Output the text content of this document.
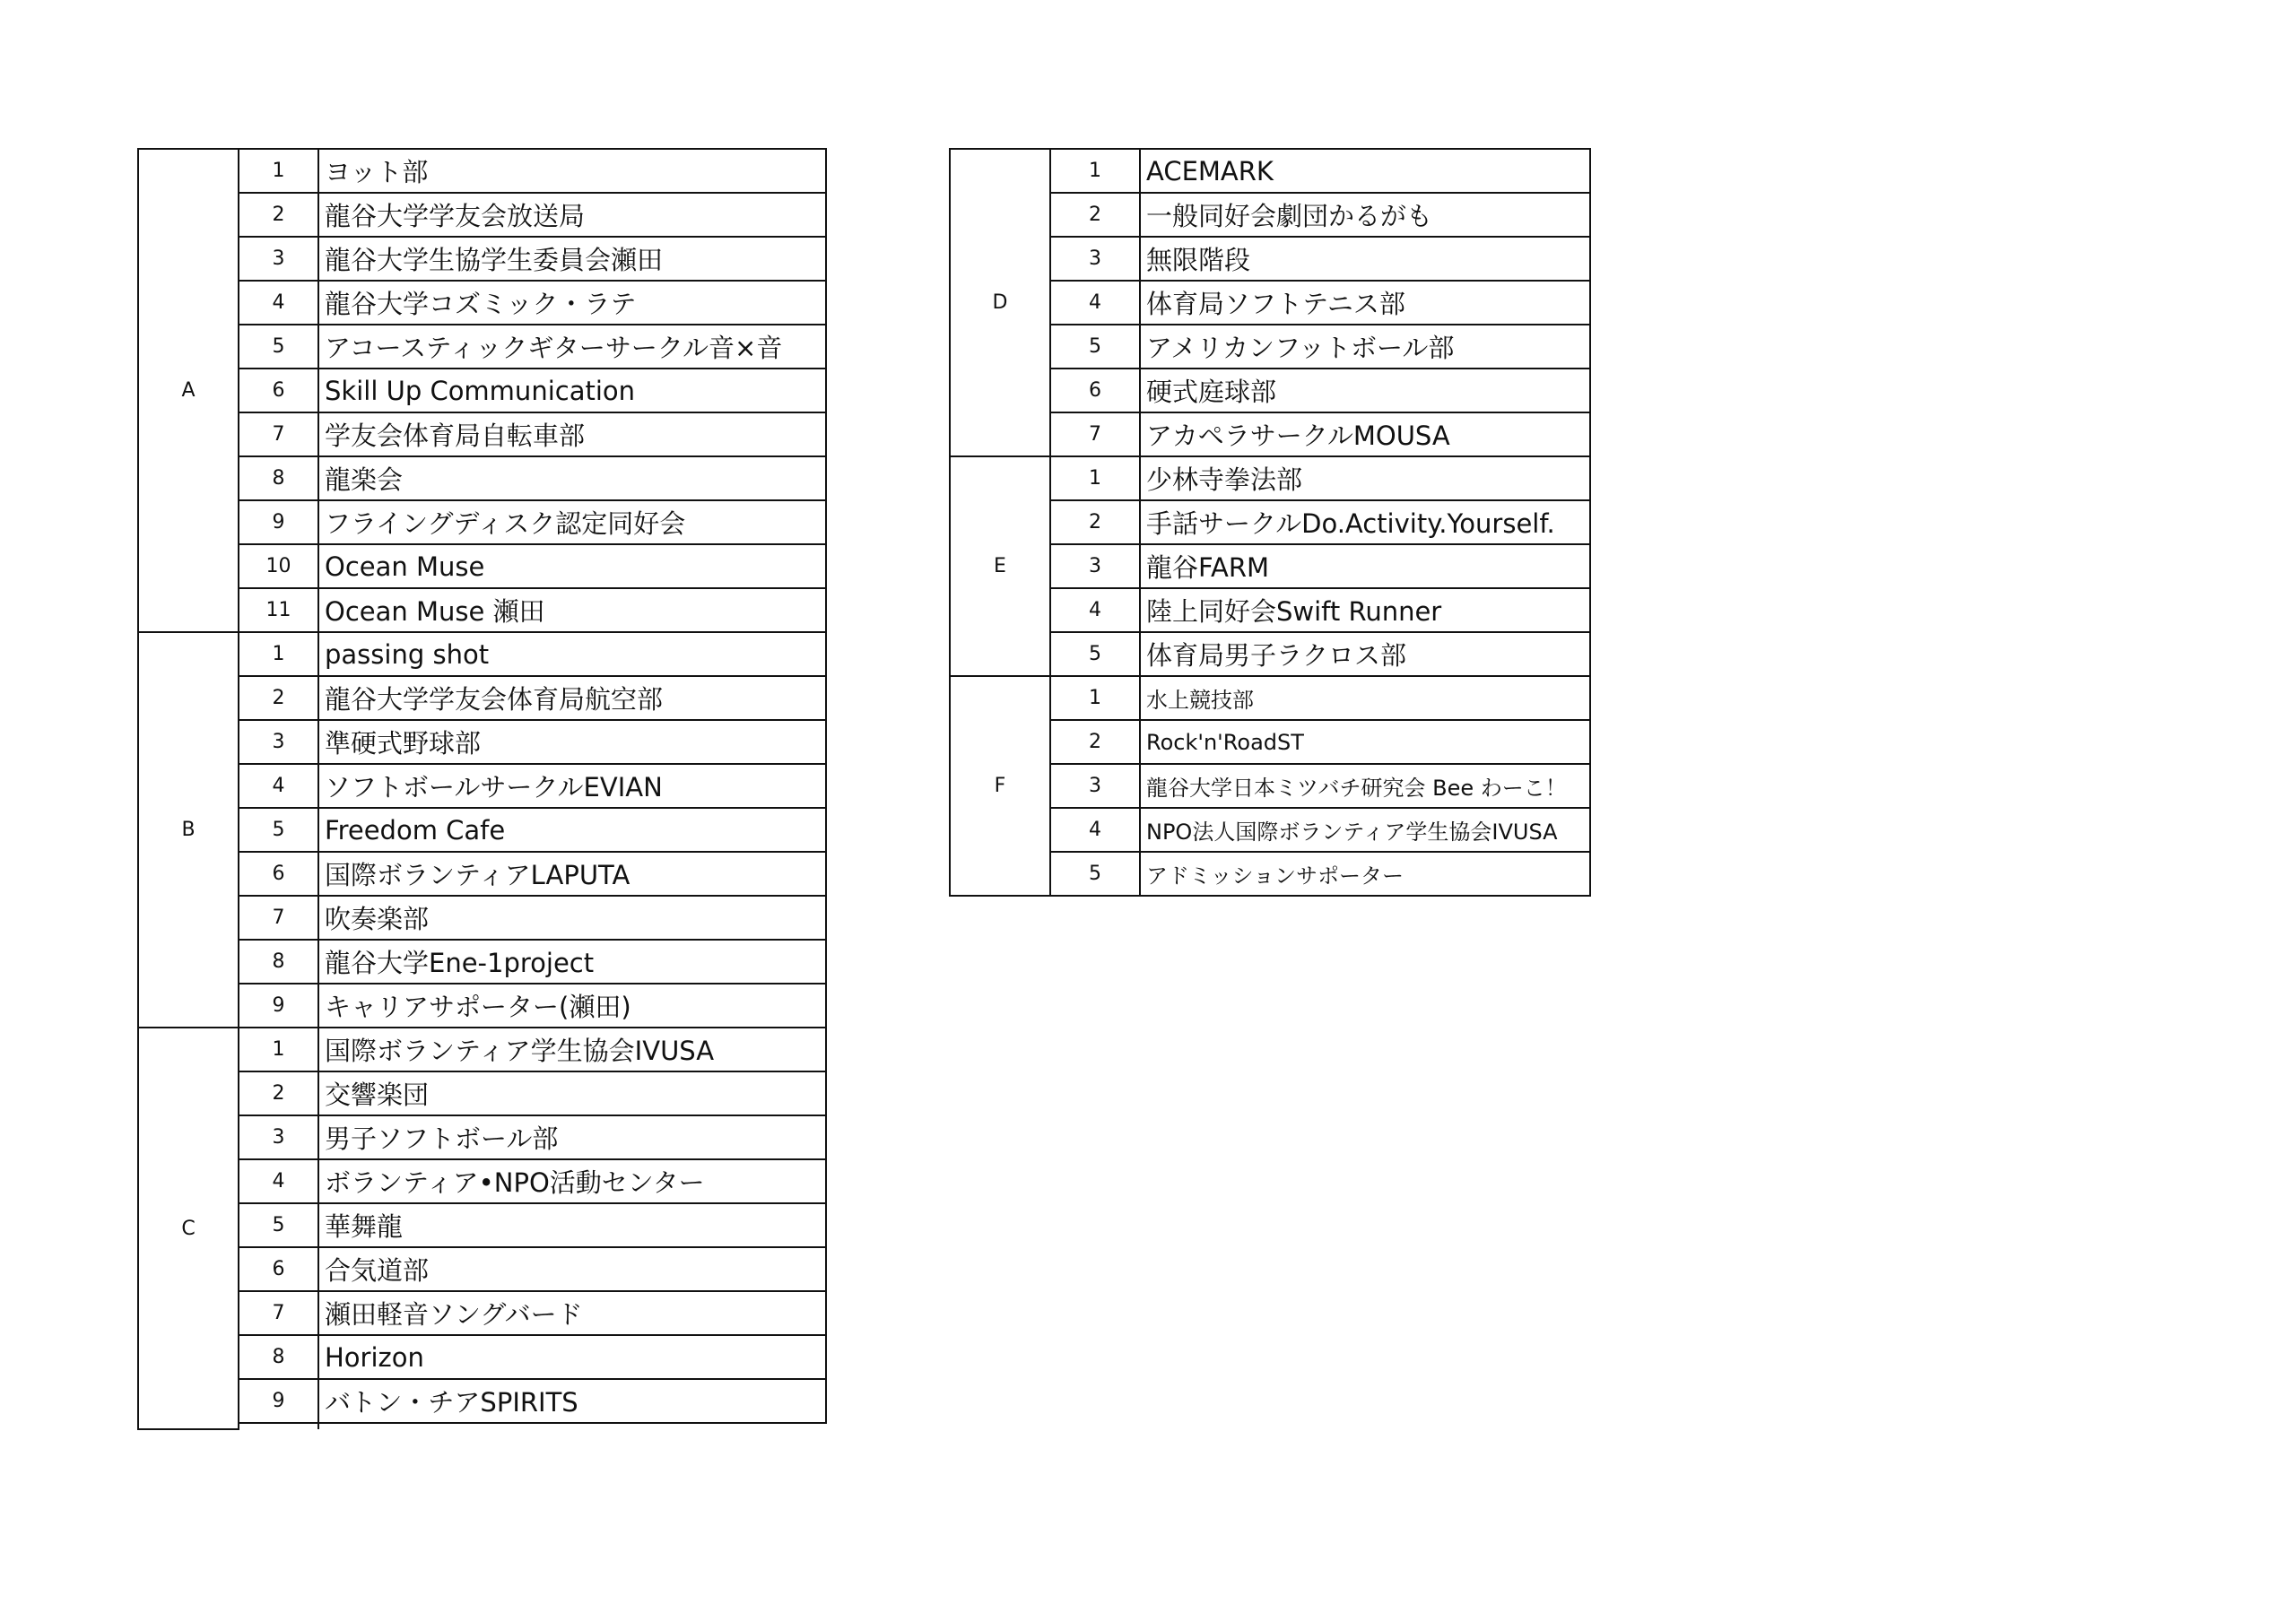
A	1	ヨット部
	2	龍谷大学学友会放送局
	3	龍谷大学生協学生委員会瀬田
	4	龍谷大学コズミック・ラテ
	5	アコースティックギターサークル音×音
	6	Skill Up Communication
	7	学友会体育局自転車部
	8	龍楽会
	9	フライングディスク認定同好会
	10	Ocean Muse
	11	Ocean Muse 瀬田
B	1	passing shot
	2	龍谷大学学友会体育局航空部
	3	準硬式野球部
	4	ソフトボールサークルEVIAN
	5	Freedom Cafe
	6	国際ボランティアLAPUTA
	7	吹奏楽部
	8	龍谷大学Ene-1project
	9	キャリアサポーター(瀬田)
C	1	国際ボランティア学生協会IVUSA
	2	交響楽団
	3	男子ソフトボール部
	4	ボランティア•NPO活動センター
	5	華舞龍
	6	合気道部
	7	瀬田軽音ソングバード
	8	Horizon
	9	バトン・チアSPIRITS

D	1	ACEMARK
	2	一般同好会劇団かるがも
	3	無限階段
	4	体育局ソフトテニス部
	5	アメリカンフットボール部
	6	硬式庭球部
	7	アカペラサークルMOUSA
E	1	少林寺拳法部
	2	手話サークルDo.Activity.Yourself.
	3	龍谷FARM
	4	陸上同好会Swift Runner
	5	体育局男子ラクロス部
F	1	水上競技部
	2	Rock'n'RoadST
	3	龍谷大学日本ミツバチ研究会 Bee わーこ！
	4	NPO法人国際ボランティア学生協会IVUSA
	5	アドミッションサポーター
